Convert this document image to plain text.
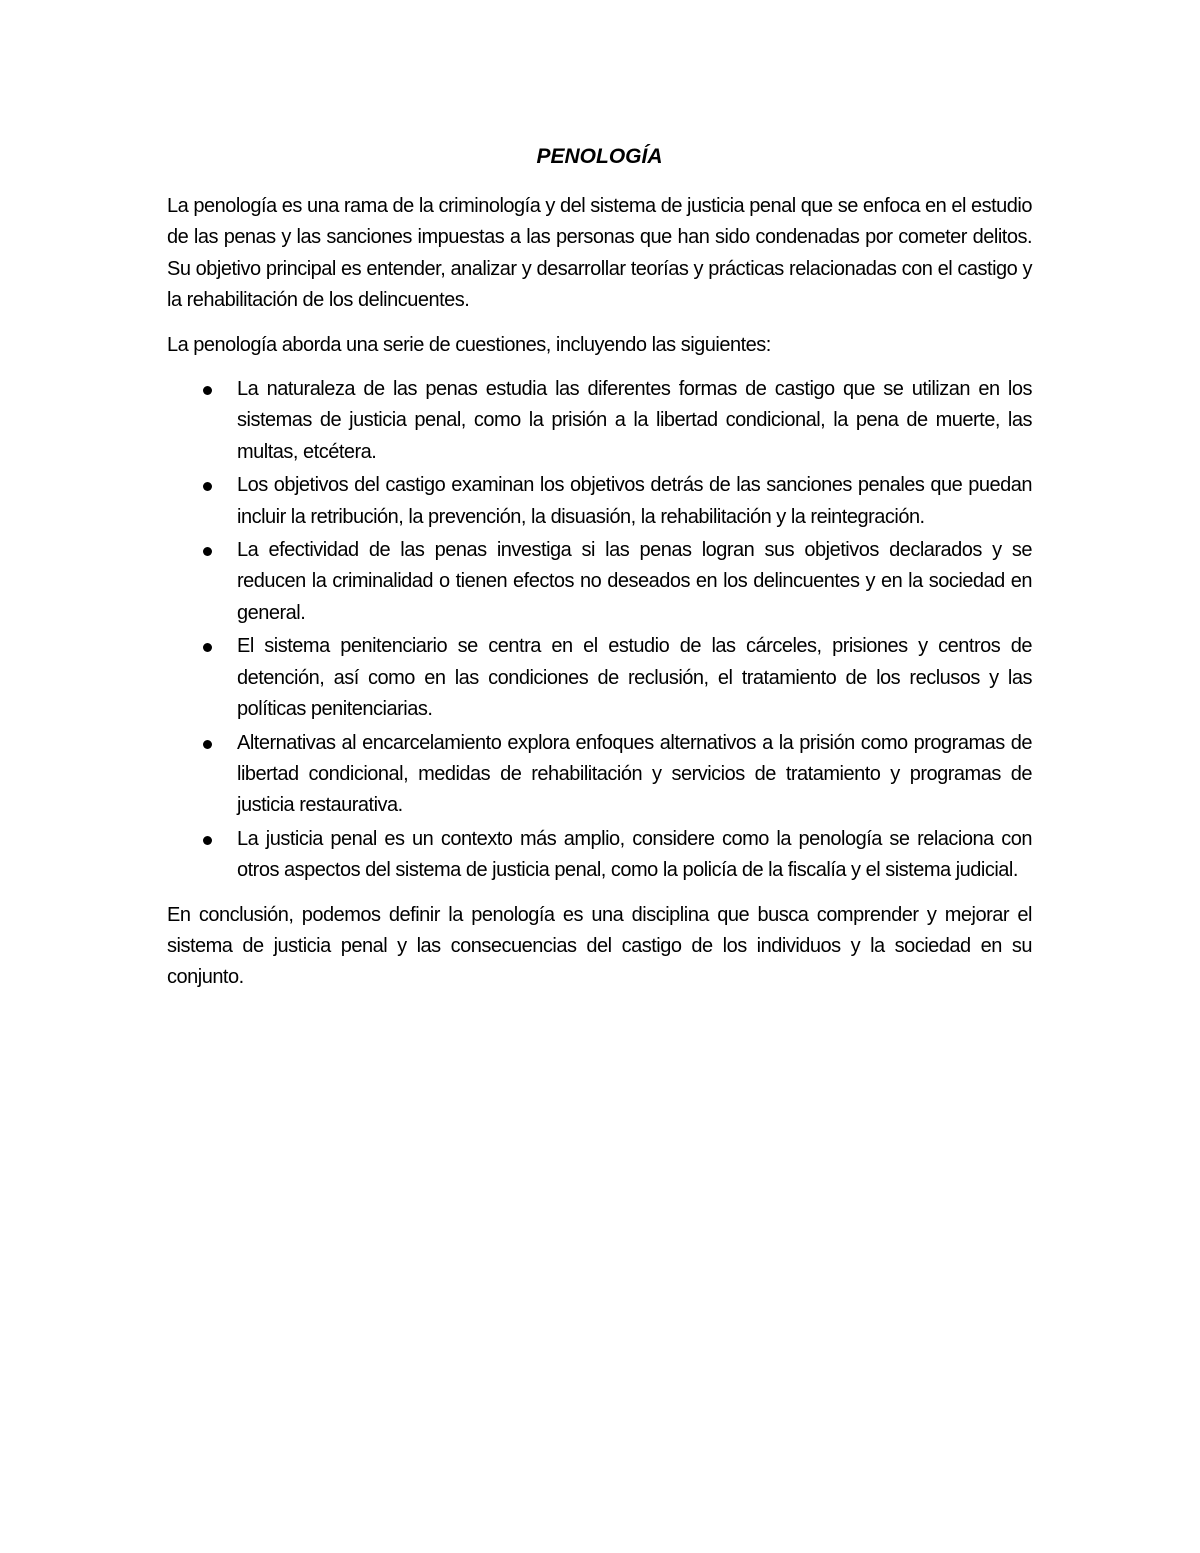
PENOLOGÍA

La penología es una rama de la criminología y del sistema de justicia penal que se enfoca en el estudio de las penas y las sanciones impuestas a las personas que han sido condenadas por cometer delitos. Su objetivo principal es entender, analizar y desarrollar teorías y prácticas relacionadas con el castigo y la rehabilitación de los delincuentes.

La penología aborda una serie de cuestiones, incluyendo las siguientes:

La naturaleza de las penas estudia las diferentes formas de castigo que se utilizan en los sistemas de justicia penal, como la prisión a la libertad condicional, la pena de muerte, las multas, etcétera.
Los objetivos del castigo examinan los objetivos detrás de las sanciones penales que puedan incluir la retribución, la prevención, la disuasión, la rehabilitación y la reintegración.
La efectividad de las penas investiga si las penas logran sus objetivos declarados y se reducen la criminalidad o tienen efectos no deseados en los delincuentes y en la sociedad en general.
El sistema penitenciario se centra en el estudio de las cárceles, prisiones y centros de detención, así como en las condiciones de reclusión, el tratamiento de los reclusos y las políticas penitenciarias.
Alternativas al encarcelamiento explora enfoques alternativos a la prisión como programas de libertad condicional, medidas de rehabilitación y servicios de tratamiento y programas de justicia restaurativa.
La justicia penal es un contexto más amplio, considere como la penología se relaciona con otros aspectos del sistema de justicia penal, como la policía de la fiscalía y el sistema judicial.

En conclusión, podemos definir la penología es una disciplina que busca comprender y mejorar el sistema de justicia penal y las consecuencias del castigo de los individuos y la sociedad en su conjunto.
